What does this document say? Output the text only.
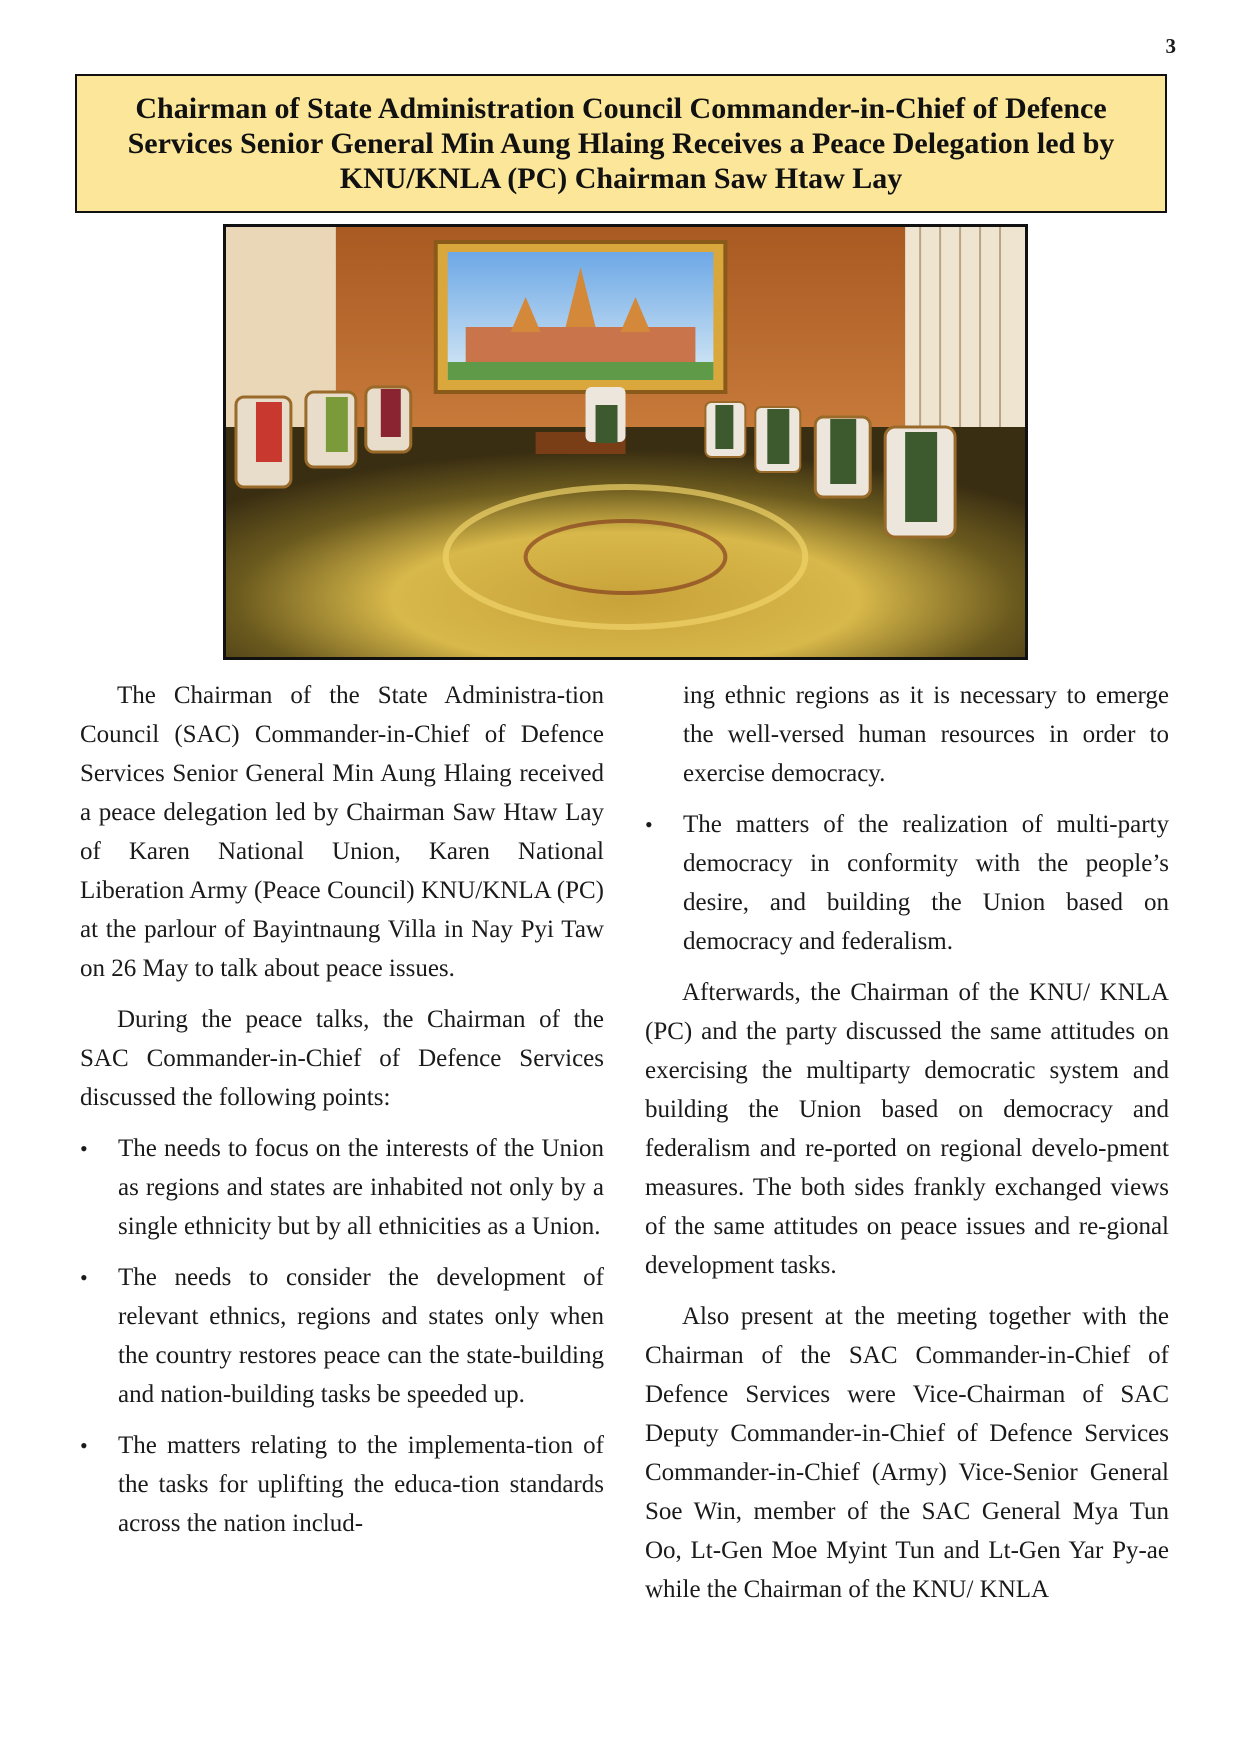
3
Chairman of State Administration Council Commander-in-Chief of Defence Services Senior General Min Aung Hlaing Receives a Peace Delegation led by KNU/KNLA (PC) Chairman Saw Htaw Lay

The Chairman of the State Administra-tion Council (SAC) Commander-in-Chief of Defence Services Senior General Min Aung Hlaing received a peace delegation led by Chairman Saw Htaw Lay of Karen National Union, Karen National Liberation Army (Peace Council) KNU/KNLA (PC) at the parlour of Bayintnaung Villa in Nay Pyi Taw on 26 May to talk about peace issues.

During the peace talks, the Chairman of the SAC Commander-in-Chief of Defence Services discussed the following points:

• The needs to focus on the interests of the Union as regions and states are inhabited not only by a single ethnicity but by all ethnicities as a Union.
• The needs to consider the development of relevant ethnics, regions and states only when the country restores peace can the state-building and nation-building tasks be speeded up.
• The matters relating to the implementa-tion of the tasks for uplifting the educa-tion standards across the nation includ-
ing ethnic regions as it is necessary to emerge the well-versed human resources in order to exercise democracy.
• The matters of the realization of multi-party democracy in conformity with the people’s desire, and building the Union based on democracy and federalism.

Afterwards, the Chairman of the KNU/ KNLA (PC) and the party discussed the same attitudes on exercising the multiparty democratic system and building the Union based on democracy and federalism and re-ported on regional develo-pment measures. The both sides frankly exchanged views of the same attitudes on peace issues and re-gional development tasks.

Also present at the meeting together with the Chairman of the SAC Commander-in-Chief of Defence Services were Vice-Chairman of SAC Deputy Commander-in-Chief of Defence Services Commander-in-Chief (Army) Vice-Senior General Soe Win, member of the SAC General Mya Tun Oo, Lt-Gen Moe Myint Tun and Lt-Gen Yar Py-ae while the Chairman of the KNU/ KNLA
